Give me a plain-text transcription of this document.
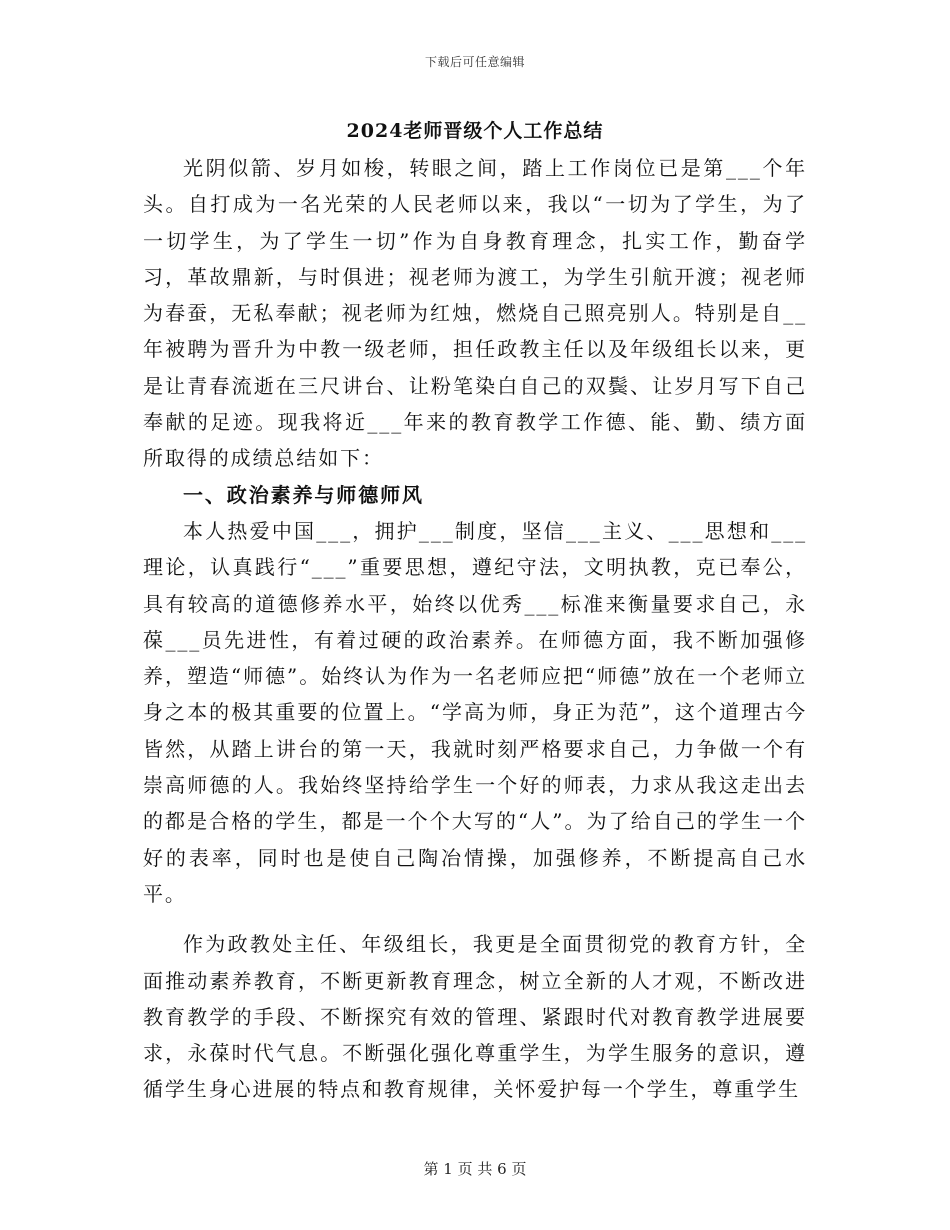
下载后可任意编辑
2024老师晋级个人工作总结

光阴似箭、岁月如梭，转眼之间，踏上工作岗位已是第___个年头。自打成为一名光荣的人民老师以来，我以“一切为了学生，为了一切学生，为了学生一切”作为自身教育理念，扎实工作，勤奋学习，革故鼎新，与时俱进；视老师为渡工，为学生引航开渡；视老师为春蚕，无私奉献；视老师为红烛，燃烧自己照亮别人。特别是自__年被聘为晋升为中教一级老师，担任政教主任以及年级组长以来，更是让青春流逝在三尺讲台、让粉笔染白自己的双鬓、让岁月写下自己奉献的足迹。现我将近___年来的教育教学工作德、能、勤、绩方面所取得的成绩总结如下：

一、政治素养与师德师风

本人热爱中国___，拥护___制度，坚信___主义、___思想和___理论，认真践行“___”重要思想，遵纪守法，文明执教，克已奉公，具有较高的道德修养水平，始终以优秀___标准来衡量要求自己，永葆___员先进性，有着过硬的政治素养。在师德方面，我不断加强修养，塑造“师德”。始终认为作为一名老师应把“师德”放在一个老师立身之本的极其重要的位置上。“学高为师，身正为范”，这个道理古今皆然，从踏上讲台的第一天，我就时刻严格要求自己，力争做一个有崇高师德的人。我始终坚持给学生一个好的师表，力求从我这走出去的都是合格的学生，都是一个个大写的“人”。为了给自己的学生一个好的表率，同时也是使自己陶冶情操，加强修养，不断提高自己水平。

作为政教处主任、年级组长，我更是全面贯彻党的教育方针，全面推动素养教育，不断更新教育理念，树立全新的人才观，不断改进教育教学的手段、不断探究有效的管理、紧跟时代对教育教学进展要求，永葆时代气息。不断强化强化尊重学生，为学生服务的意识，遵循学生身心进展的特点和教育规律，关怀爱护每一个学生，尊重学生

第 1 页 共 6 页
